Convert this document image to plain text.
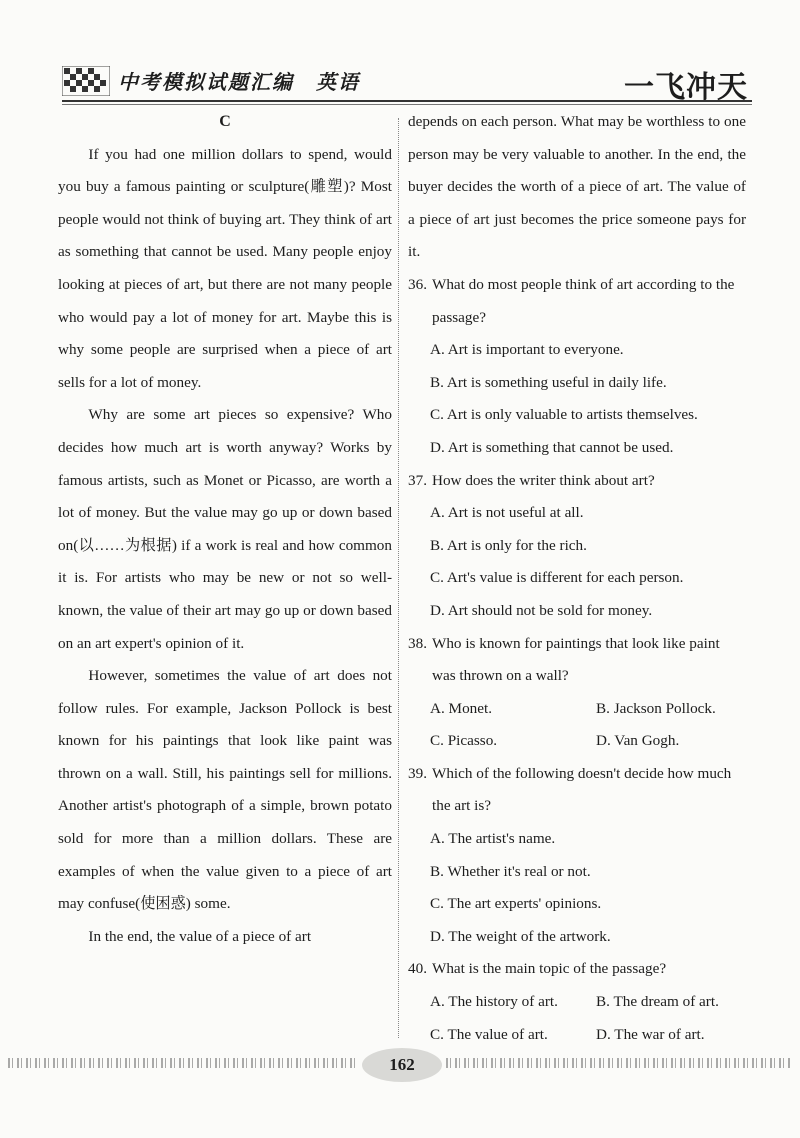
中考模拟试题汇编 英语	一飞冲天

C

If you had one million dollars to spend, would you buy a famous painting or sculpture(雕塑)? Most people would not think of buying art. They think of art as something that cannot be used. Many people enjoy looking at pieces of art, but there are not many people who would pay a lot of money for art. Maybe this is why some people are surprised when a piece of art sells for a lot of money.

Why are some art pieces so expensive? Who decides how much art is worth anyway? Works by famous artists, such as Monet or Picasso, are worth a lot of money. But the value may go up or down based on(以……为根据) if a work is real and how common it is. For artists who may be new or not so well-known, the value of their art may go up or down based on an art expert's opinion of it.

However, sometimes the value of art does not follow rules. For example, Jackson Pollock is best known for his paintings that look like paint was thrown on a wall. Still, his paintings sell for millions. Another artist's photograph of a simple, brown potato sold for more than a million dollars. These are examples of when the value given to a piece of art may confuse(使困惑) some.

In the end, the value of a piece of art

depends on each person. What may be worthless to one person may be very valuable to another. In the end, the buyer decides the worth of a piece of art. The value of a piece of art just becomes the price someone pays for it.

36. What do most people think of art according to the passage?

A. Art is important to everyone.

B. Art is something useful in daily life.

C. Art is only valuable to artists themselves.

D. Art is something that cannot be used.

37. How does the writer think about art?

A. Art is not useful at all.

B. Art is only for the rich.

C. Art's value is different for each person.

D. Art should not be sold for money.

38. Who is known for paintings that look like paint was thrown on a wall?
A. Monet.	B. Jackson Pollock.
C. Picasso.	D. Van Gogh.
39. Which of the following doesn't decide how much the art is?

A. The artist's name.

B. Whether it's real or not.

C. The art experts' opinions.

D. The weight of the artwork.

40. What is the main topic of the passage?
A. The history of art.	B. The dream of art.
C. The value of art.	D. The war of art.
162
